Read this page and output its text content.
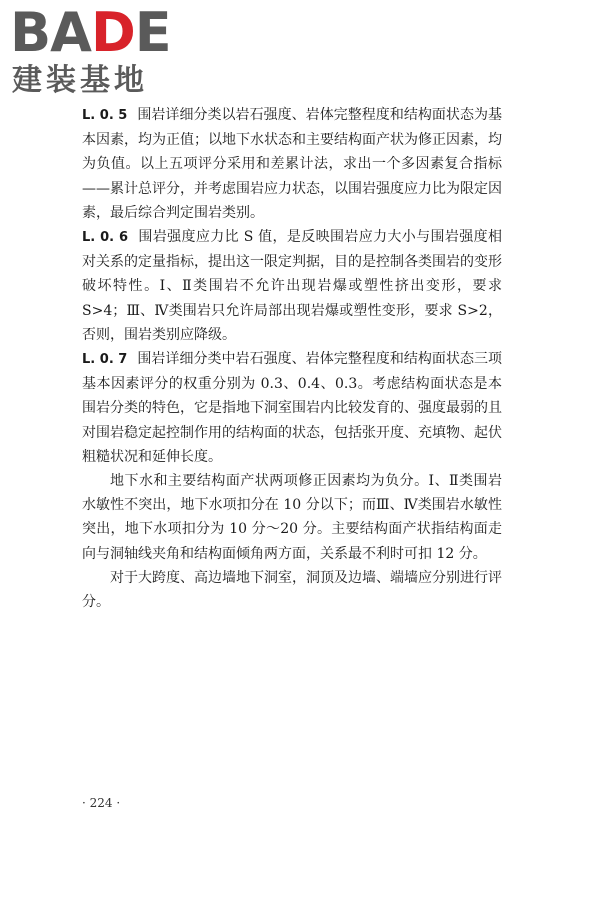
BADE
建装基地

L. 0. 5 围岩详细分类以岩石强度、岩体完整程度和结构面状态为基本因素，均为正值；以地下水状态和主要结构面产状为修正因素，均为负值。以上五项评分采用和差累计法，求出一个多因素复合指标——累计总评分，并考虑围岩应力状态，以围岩强度应力比为限定因素，最后综合判定围岩类别。

L. 0. 6 围岩强度应力比 S 值，是反映围岩应力大小与围岩强度相对关系的定量指标，提出这一限定判据，目的是控制各类围岩的变形破坏特性。Ⅰ、Ⅱ类围岩不允许出现岩爆或塑性挤出变形，要求 S>4；Ⅲ、Ⅳ类围岩只允许局部出现岩爆或塑性变形，要求 S>2，否则，围岩类别应降级。

L. 0. 7 围岩详细分类中岩石强度、岩体完整程度和结构面状态三项基本因素评分的权重分别为 0.3、0.4、0.3。考虑结构面状态是本围岩分类的特色，它是指地下洞室围岩内比较发育的、强度最弱的且对围岩稳定起控制作用的结构面的状态，包括张开度、充填物、起伏粗糙状况和延伸长度。

地下水和主要结构面产状两项修正因素均为负分。Ⅰ、Ⅱ类围岩水敏性不突出，地下水项扣分在 10 分以下；而Ⅲ、Ⅳ类围岩水敏性突出，地下水项扣分为 10 分～20 分。主要结构面产状指结构面走向与洞轴线夹角和结构面倾角两方面，关系最不利时可扣 12 分。

对于大跨度、高边墙地下洞室，洞顶及边墙、端墙应分别进行评分。

· 224 ·
